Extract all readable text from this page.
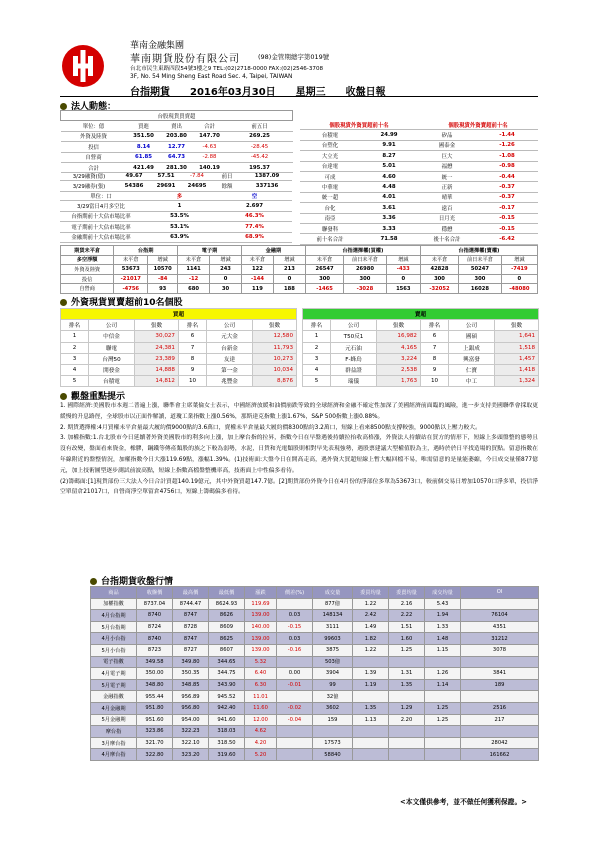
華南金融集團
華南期貨股份有限公司	(98)金管期總字第019號
台北市民生東路四段54號3樓之9 TEL:(02)2718-0000 FAX:(02)2546-3708
3F, No. 54 Ming Sheng East Road Sec. 4, Taipei, TAIWAN
台指期貨　　2016年03月30日　　星期三　　收盤日報
法人動態：
台股現貨買賣超				
單位：億	買進	賣出	合計	前五日
外資及陸資	351.50	203.80	147.70	269.25
投信	8.14	12.77	-4.63	-28.45
自營商	61.85	64.73	-2.88	-45.42
合計	421.49	281.30	140.19	195.37
3/29融資(億)	49.67	57.51	-7.84	前日	1387.09
3/29融券(張)	54386	29691	24695	餘額	337136
單位：口	多	空
3/29當日4月多空比	1	2.697
台指期前十大佔市場比率	53.5%	46.3%
電子期前十大佔市場比率	53.1%	77.4%
金融期前十大佔市場比率	63.9%	68.9%
個股現貨外資買超前十名		個股現貨外資賣超前十名	
台積電	24.99	矽品	-1.44
台塑化	9.91	國泰金	-1.26
大立光	8.27	巨大	-1.08
台達電	5.01	福懋	-0.98
可成	4.60	統一	-0.44
中華電	4.48	正新	-0.37
統一超	4.01	晴華	-0.37
台化	3.61	遠百	-0.17
南亞	3.36	日月光	-0.15
聯發科	3.33	穩懋	-0.15
前十名合計	71.58	後十名合計	-6.42
期貨未平倉	台指期		電子期		金融期		台指選擇權(買權)			台指選擇權(賣權)		
多空淨額	未平倉	增減	未平倉	增減	未平倉	增減	未平倉	前日未平倉	增減	未平倉	前日未平倉	增減
外資及陸資	53673	10570	1141	243	122	213	26547	26980	-433	42828	50247	-7419
投信	-21017	-84	-12	0	-144	0	300	300	0	300	300	0
自營商	-4756	93	680	30	119	188	-1465	-3028	1563	-32052	16028	-48080
外資現貨買賣超前10名個股
買超					
排名	公司	張數	排名	公司	張數
1	中信金	30,027	6	元大金	12,580
2	聯電	24,381	7	台新金	11,793
3	台灣50	23,389	8	友達	10,273
4	開發金	14,888	9	第一金	10,034
5	台積電	14,812	10	兆豐金	8,876
賣超					
排名	公司	張數	排名	公司	張數
1	T50反1	16,982	6	國碩	1,641
2	元石油	4,165	7	上銀成	1,518
3	F-蜂鳥	3,224	8	興富發	1,457
4	群益證	2,538	9	仁寶	1,418
5	瑞儀	1,763	10	中工	1,324
觀盤重點提示
1. 國際經濟:美國股市本週二普遍上漲，聯準會主席葉倫女士表示，中國經濟放緩和油價崩跌等致的全球經濟和金融不確定性加深了美國經濟前面臨的風險，進一步支持美國聯準會採取更緩慢的升息路徑，全球股市以正面作解讀，道瓊工業指數上漲0.56%，那斯達克指數上漲1.67%，S&P 500指數上漲0.88%。
2. 期貨選擇權:4月買權未平倉量最大履約價9000點約3.6萬口，賣權未平倉量最大履約價8300點約3.2萬口，短線上看來8500點支撐較強，9000點以上壓力較大。
3. 加權指數:1.台北股市今日延續著外資美國股市的利多向上漲，加上摩台指的拉昇，指數今日在早盤遇後持續拉抬收高格漲，外資法人持續站在買方的情形下，短線上多頭盤整的態勢且沒有改變，盤面看來資金，橡膠，鋼鐵等傳產類股的族之下較為弱勢，水泥，日貨和光電類股則相對早先表現強勢，遇股票建議大型權值股為主，遇時於於日平找造場的買點。留意指數在年線附近的盤整情況，加權指數今日大漲119.69點，漲幅1.39%。(1)技術面:大盤今日在開高走高，遇外資大買超短線上暫大幅回檔不易，唯需留意的是量能萎縮，今日成交量僅877億元，加上技術圖型逐步測試前波高點，短線上指數高檔盤整機率高，技術面上中性偏多看待。
(2)籌碼面:[1]現貨部份三大法人今日合計買超140.19億元，其中外資買超147.7億。[2]期貨部份外資今日在4月份的淨部位多單為53673口，較前個交易日增加10570口淨多單，投信淨空單留倉21017口，自營商淨空單留倉4756口，短線上籌碼偏多看待。
台指期貨收盤行情
商品	收盤價	最高價	最低價	漲跌	價差(%)	成交量	委買均量	委賣均量	成交均量	OI
加權指數	8737.04	8744.47	8624.93	119.69		877億	1.22	2.16	5.43	
4月台指期	8740	8747	8626	139.00	0.03	148134	2.42	2.22	1.94	76104
5月台指期	8724	8728	8609	140.00	-0.15	3111	1.49	1.51	1.33	4351
4月小台指	8740	8747	8625	139.00	0.03	99603	1.82	1.60	1.48	31212
5月小台指	8723	8727	8607	139.00	-0.16	3875	1.22	1.25	1.15	3078
電子指數	349.58	349.80	344.65	5.32		503億				
4月電子期	350.00	350.35	344.75	6.40	0.00	3904	1.39	1.31	1.26	3841
5月電子期	348.80	348.85	343.90	6.30	-0.01	99	1.19	1.35	1.14	189
金融指數	955.44	956.89	945.52	11.01		32億				
4月金融期	951.80	956.80	942.40	11.60	-0.02	3602	1.35	1.29	1.25	2516
5月金融期	951.60	954.00	941.60	12.00	-0.04	159	1.13	2.20	1.25	217
摩台指	323.86	322.23	318.03	4.62						
3月摩台指	321.70	322.10	318.50	4.20		17573				28042
4月摩台指	322.80	323.20	319.60	5.20		58840				161662
<本文僅供參考，並不做任何獲利保證。>
